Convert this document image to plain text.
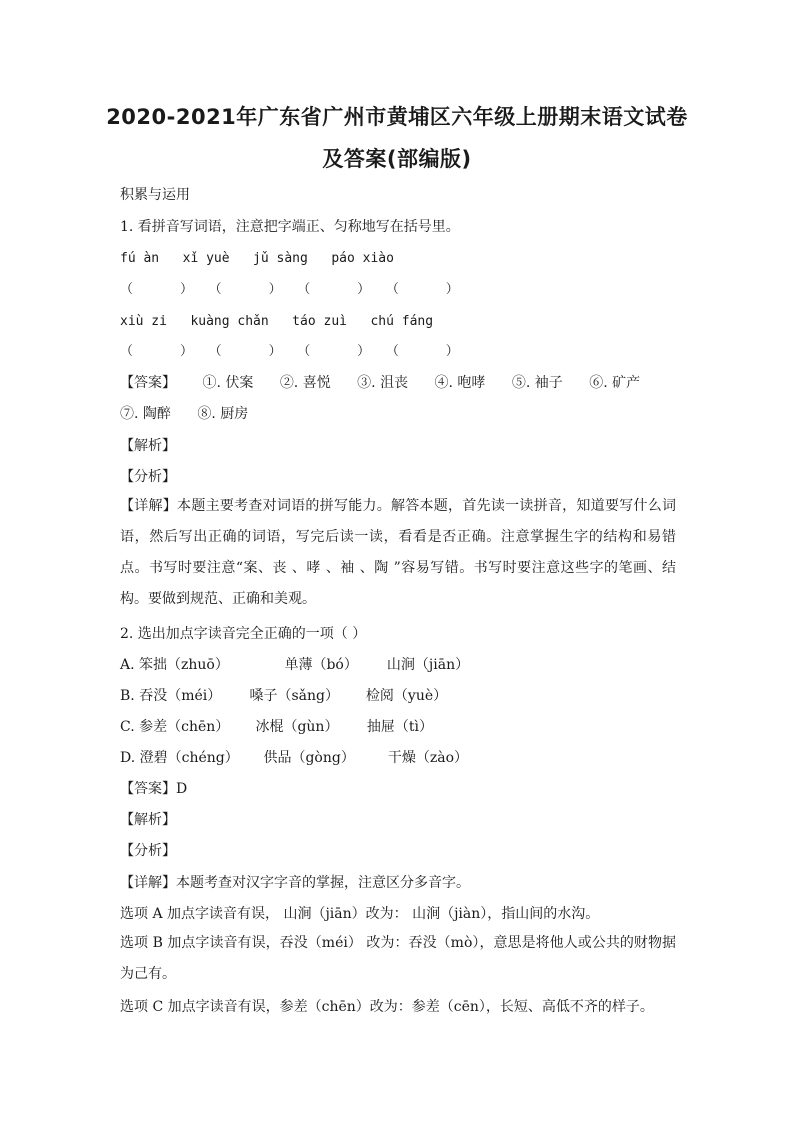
2020-2021年广东省广州市黄埔区六年级上册期末语文试卷
及答案(部编版)
积累与运用
1. 看拼音写词语，注意把字端正、匀称地写在括号里。
fú àn   xǐ yuè   jǔ sàng   páo xiào
（      ）  （      ）  （      ）  （      ）
xiù zi   kuàng chǎn   táo zuì   chú fáng
（      ）  （      ）  （      ）  （      ）
【答案】 ①. 伏案 ②. 喜悦 ③. 沮丧 ④. 咆哮 ⑤. 袖子 ⑥. 矿产
⑦. 陶醉 ⑧. 厨房
【解析】
【分析】
【详解】本题主要考查对词语的拼写能力。解答本题，首先读一读拼音，知道要写什么词语，然后写出正确的词语，写完后读一读，看看是否正确。注意掌握生字的结构和易错点。书写时要注意“案、丧 、哮 、袖 、陶 ”容易写错。书写时要注意这些字的笔画、结构。要做到规范、正确和美观。
2. 选出加点字读音完全正确的一项（ ）
A. 笨拙（zhuō）	单薄（bó） 山涧（jiān）
B. 吞没（méi） 嗓子（sǎng） 检阅（yuè）
C. 参差（chēn） 冰棍（gùn） 抽屉（tì）
D. 澄碧（chéng） 供品（gòng） 干燥（zào）
【答案】D
【解析】
【分析】
【详解】本题考查对汉字字音的掌握，注意区分多音字。
选项 A 加点字读音有误， 山涧（jiān）改为： 山涧（jiàn），指山间的水沟。
选项 B 加点字读音有误，吞没（méi） 改为：吞没（mò），意思是将他人或公共的财物据为己有。
选项 C 加点字读音有误，参差（chēn）改为：参差（cēn），长短、高低不齐的样子。
